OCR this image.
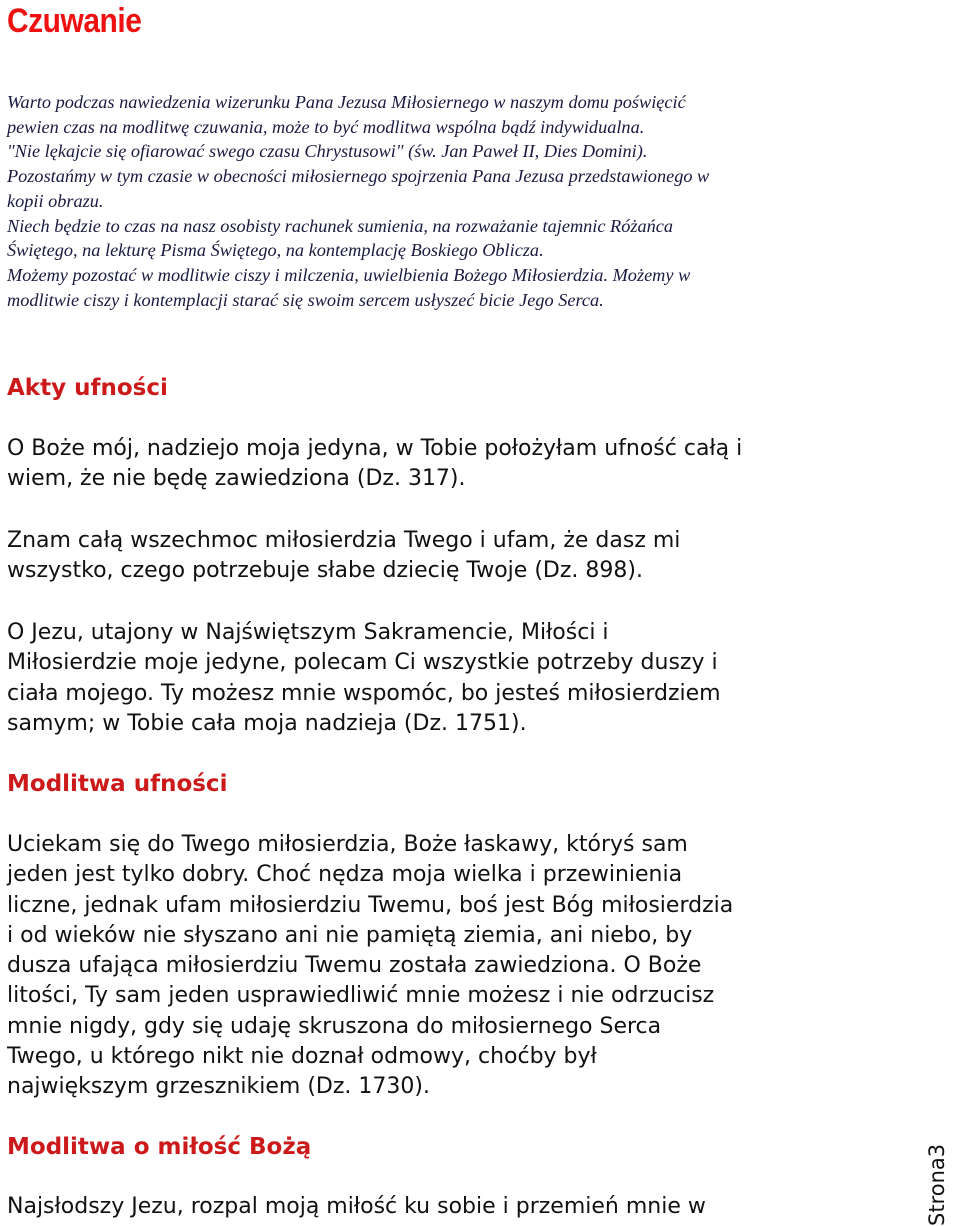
Czuwanie

Warto podczas nawiedzenia wizerunku Pana Jezusa Miłosiernego w naszym domu poświęcić
pewien czas na modlitwę czuwania, może to być modlitwa wspólna bądź indywidualna.
"Nie lękajcie się ofiarować swego czasu Chrystusowi" (św. Jan Paweł II, Dies Domini).
Pozostańmy w tym czasie w obecności miłosiernego spojrzenia Pana Jezusa przedstawionego w
kopii obrazu.

Niech będzie to czas na nasz osobisty rachunek sumienia, na rozważanie tajemnic Różańca
Świętego, na lekturę Pisma Świętego, na kontemplację Boskiego Oblicza.

Możemy pozostać w modlitwie ciszy i milczenia, uwielbienia Bożego Miłosierdzia. Możemy w
modlitwie ciszy i kontemplacji starać się swoim sercem usłyszeć bicie Jego Serca.

Akty ufności

O Boże mój, nadziejo moja jedyna, w Tobie położyłam ufność całą i
wiem, że nie będę zawiedziona (Dz. 317).

Znam całą wszechmoc miłosierdzia Twego i ufam, że dasz mi
wszystko, czego potrzebuje słabe dziecię Twoje (Dz. 898).

O Jezu, utajony w Najświętszym Sakramencie, Miłości i
Miłosierdzie moje jedyne, polecam Ci wszystkie potrzeby duszy i
ciała mojego. Ty możesz mnie wspomóc, bo jesteś miłosierdziem
samym; w Tobie cała moja nadzieja (Dz. 1751).

Modlitwa ufności

Uciekam się do Twego miłosierdzia, Boże łaskawy, któryś sam
jeden jest tylko dobry. Choć nędza moja wielka i przewinienia
liczne, jednak ufam miłosierdziu Twemu, boś jest Bóg miłosierdzia
i od wieków nie słyszano ani nie pamiętą ziemia, ani niebo, by
dusza ufająca miłosierdziu Twemu została zawiedziona. O Boże
litości, Ty sam jeden usprawiedliwić mnie możesz i nie odrzucisz
mnie nigdy, gdy się udaję skruszona do miłosiernego Serca
Twego, u którego nikt nie doznał odmowy, choćby był
największym grzesznikiem (Dz. 1730).

Modlitwa o miłość Bożą

Najsłodszy Jezu, rozpal moją miłość ku sobie i przemień mnie w	Strona3
